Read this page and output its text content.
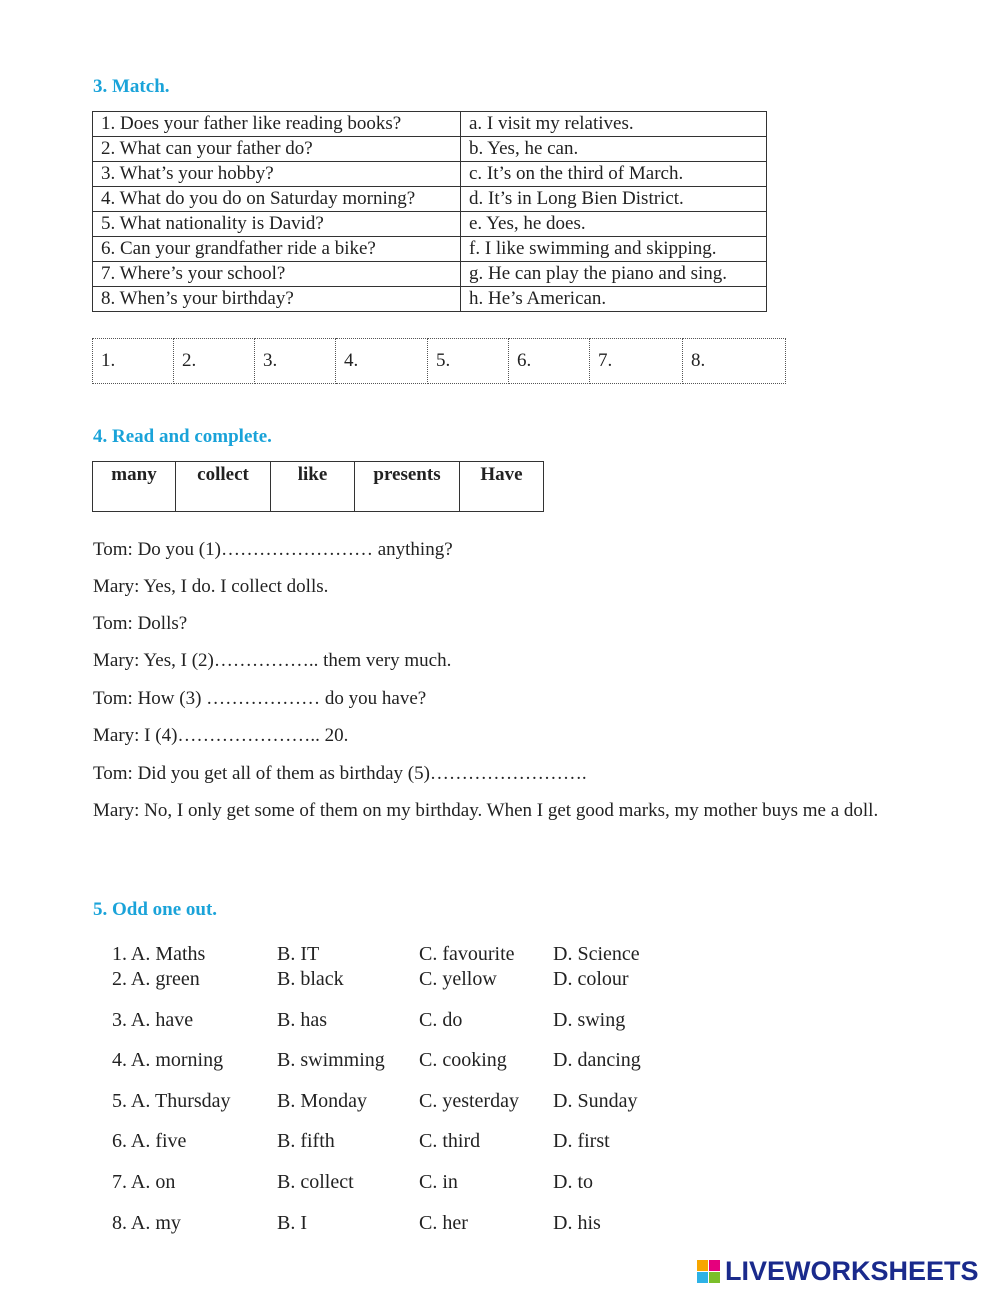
3. Match.
1. Does your father like reading books?	a. I visit my relatives.
2. What can your father do?	b. Yes, he can.
3. What’s your hobby?	c. It’s on the third of March.
4. What do you do on Saturday morning?	d. It’s in Long Bien District.
5. What nationality is David?	e. Yes, he does.
6. Can your grandfather ride a bike?	f. I like swimming and skipping.
7. Where’s your school?	g. He can play the piano and sing.
8. When’s your birthday?	h. He’s American.
1.	2.	3.	4.	5.	6.	7.	8.
4. Read and complete.
many	collect	like	presents	Have

Tom: Do you (1)…………………… anything?

Mary: Yes, I do. I collect dolls.

Tom: Dolls?

Mary: Yes, I (2)…………….. them very much.

Tom: How (3) ……………… do you have?

Mary: I (4)………………….. 20.

Tom: Did you get all of them as birthday (5)…………………….

Mary: No, I only get some of them on my birthday. When I get good marks, my mother buys me a doll.

5. Odd one out.
1. A. Maths	B. IT	C. favourite D. Science
2. A. green	B. black	C. yellow	D. colour
3. A. have	B. has	C. do	D. swing
4. A. morning	B. swimming C. cooking D. dancing
5. A. Thursday B. Monday	C. yesterday D. Sunday
6. A. five	B. fifth	C. third	D. first
7. A. on	B. collect	C. in	D. to
8. A. my	B. I	C. her	D. his
LIVEWORKSHEETS
